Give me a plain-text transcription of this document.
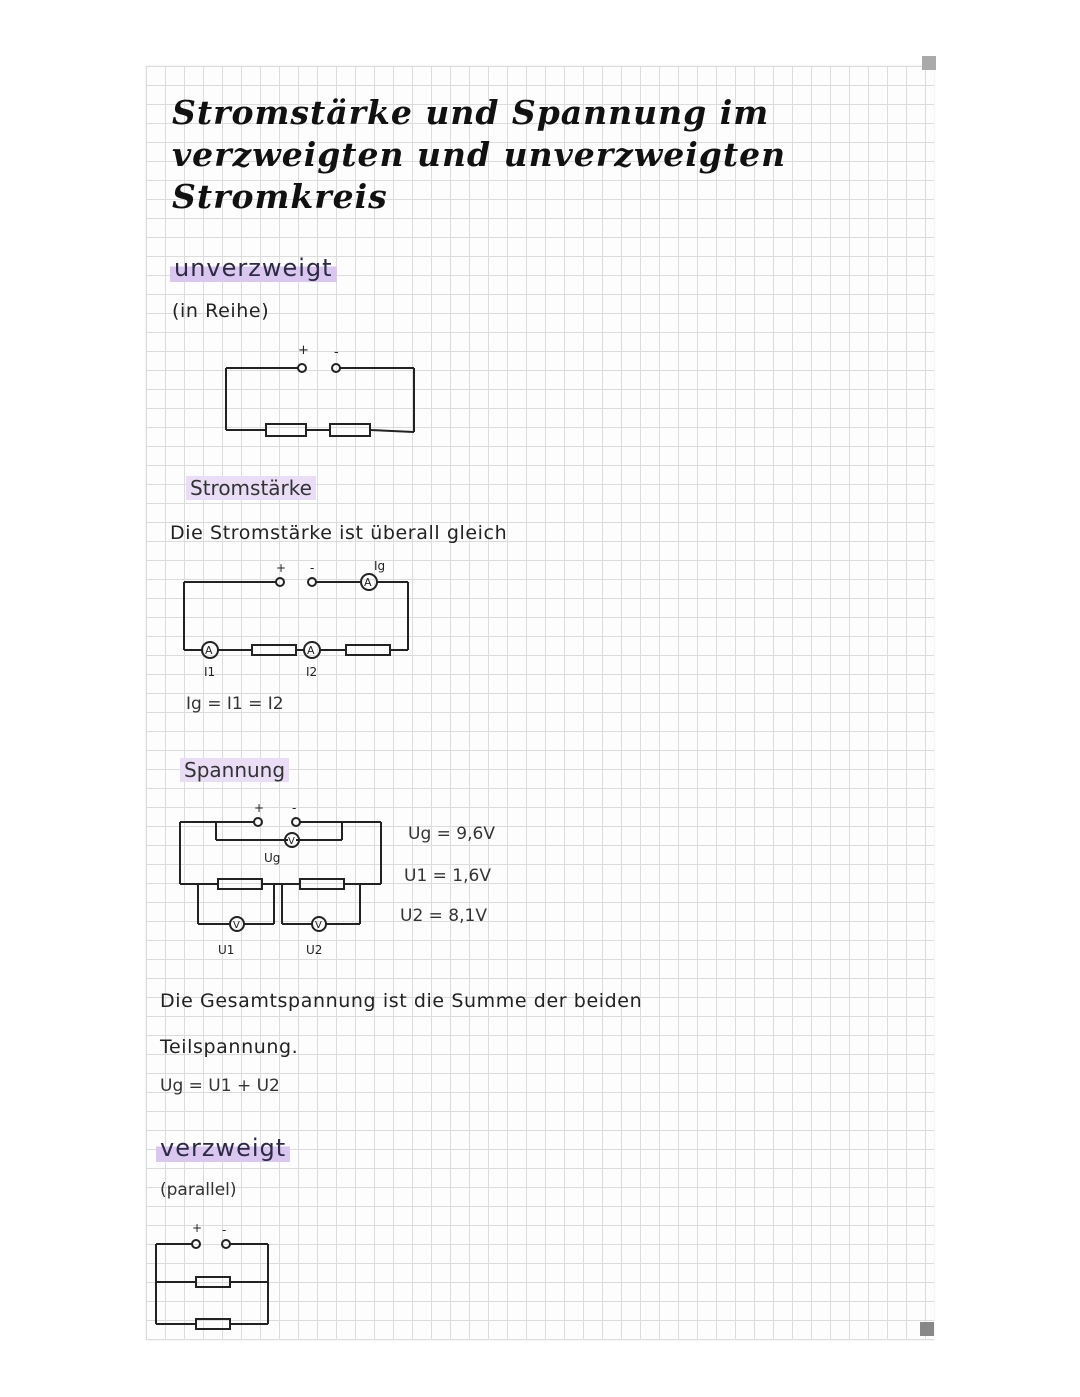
Stromstärke und Spannung im verzweigten und unverzweigten Stromkreis
unverzweigt
(in Reihe)
+ -
Stromstärke
Die Stromstärke ist überall gleich
+ -
A
Ig
A	A
I1	I2
Ig = I1 = I2
Spannung
+ -
V
Ug
V	V
U1	U2
Ug = 9,6V
U1 = 1,6V
U2 = 8,1V
Die Gesamtspannung ist die Summe der beiden
Teilspannung.
Ug = U1 + U2
verzweigt
(parallel)
+ -
